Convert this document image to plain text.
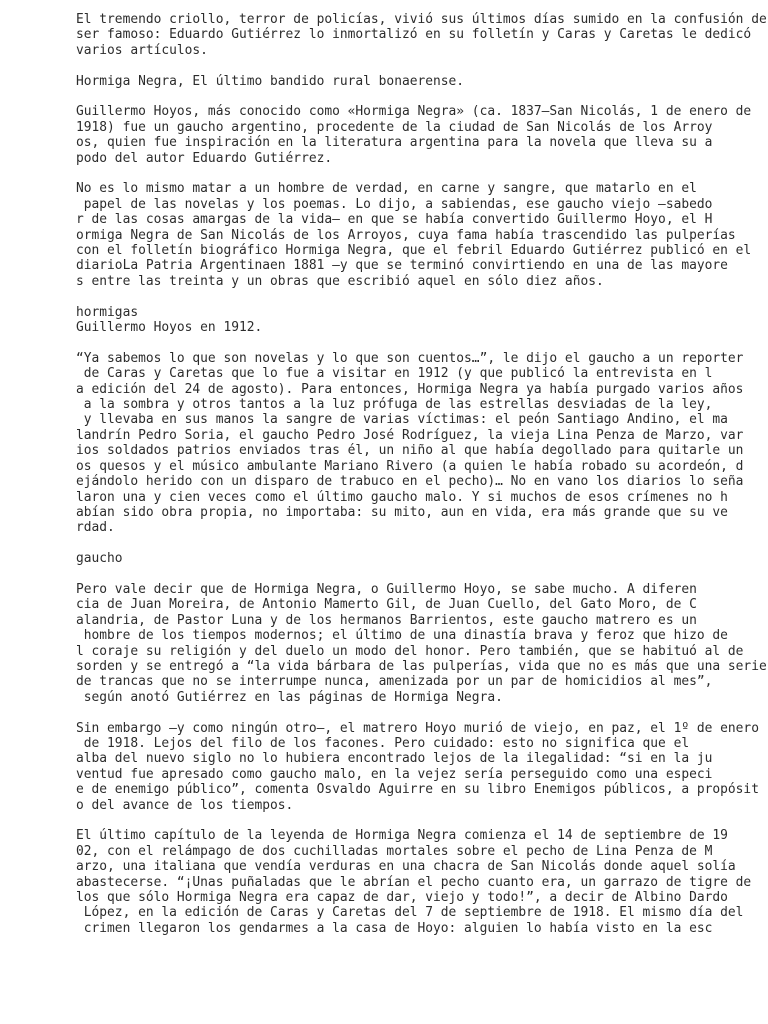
El tremendo criollo, terror de policías, vivió sus últimos días sumido en la confusión de
ser famoso: Eduardo Gutiérrez lo inmortalizó en su folletín y Caras y Caretas le dedicó
varios artículos.
Hormiga Negra, El último bandido rural bonaerense.
Guillermo Hoyos, más conocido como «Hormiga Negra» (ca. 1837–San Nicolás, 1 de enero de
1918) fue un gaucho argentino, procedente de la ciudad de San Nicolás de los Arroy
os, quien fue inspiración en la literatura argentina para la novela que lleva su a
podo del autor Eduardo Gutiérrez.
No es lo mismo matar a un hombre de verdad, en carne y sangre, que matarlo en el
papel de las novelas y los poemas. Lo dijo, a sabiendas, ese gaucho viejo –sabedo
r de las cosas amargas de la vida– en que se había convertido Guillermo Hoyo, el H
ormiga Negra de San Nicolás de los Arroyos, cuya fama había trascendido las pulperías
con el folletín biográfico Hormiga Negra, que el febril Eduardo Gutiérrez publicó en el
diarioLa Patria Argentinaen 1881 –y que se terminó convirtiendo en una de las mayore
s entre las treinta y un obras que escribió aquel en sólo diez años.
hormigas
Guillermo Hoyos en 1912.
“Ya sabemos lo que son novelas y lo que son cuentos…”, le dijo el gaucho a un reporter
de Caras y Caretas que lo fue a visitar en 1912 (y que publicó la entrevista en l
a edición del 24 de agosto). Para entonces, Hormiga Negra ya había purgado varios años
a la sombra y otros tantos a la luz prófuga de las estrellas desviadas de la ley,
y llevaba en sus manos la sangre de varias víctimas: el peón Santiago Andino, el ma
landrín Pedro Soria, el gaucho Pedro José Rodríguez, la vieja Lina Penza de Marzo, var
ios soldados patrios enviados tras él, un niño al que había degollado para quitarle un
os quesos y el músico ambulante Mariano Rivero (a quien le había robado su acordeón, d
ejándolo herido con un disparo de trabuco en el pecho)… No en vano los diarios lo seña
laron una y cien veces como el último gaucho malo. Y si muchos de esos crímenes no h
abían sido obra propia, no importaba: su mito, aun en vida, era más grande que su ve
rdad.
gaucho
Pero vale decir que de Hormiga Negra, o Guillermo Hoyo, se sabe mucho. A diferen
cia de Juan Moreira, de Antonio Mamerto Gil, de Juan Cuello, del Gato Moro, de C
alandria, de Pastor Luna y de los hermanos Barrientos, este gaucho matrero es un
hombre de los tiempos modernos; el último de una dinastía brava y feroz que hizo de
l coraje su religión y del duelo un modo del honor. Pero también, que se habituó al de
sorden y se entregó a “la vida bárbara de las pulperías, vida que no es más que una serie
de trancas que no se interrumpe nunca, amenizada por un par de homicidios al mes”,
según anotó Gutiérrez en las páginas de Hormiga Negra.
Sin embargo –y como ningún otro–, el matrero Hoyo murió de viejo, en paz, el 1º de enero
de 1918. Lejos del filo de los facones. Pero cuidado: esto no significa que el
alba del nuevo siglo no lo hubiera encontrado lejos de la ilegalidad: “si en la ju
ventud fue apresado como gaucho malo, en la vejez sería perseguido como una especi
e de enemigo público”, comenta Osvaldo Aguirre en su libro Enemigos públicos, a propósit
o del avance de los tiempos.
El último capítulo de la leyenda de Hormiga Negra comienza el 14 de septiembre de 19
02, con el relámpago de dos cuchilladas mortales sobre el pecho de Lina Penza de M
arzo, una italiana que vendía verduras en una chacra de San Nicolás donde aquel solía
abastecerse. “¡Unas puñaladas que le abrían el pecho cuanto era, un garrazo de tigre de
los que sólo Hormiga Negra era capaz de dar, viejo y todo!”, a decir de Albino Dardo
López, en la edición de Caras y Caretas del 7 de septiembre de 1918. El mismo día del
crimen llegaron los gendarmes a la casa de Hoyo: alguien lo había visto en la esc
